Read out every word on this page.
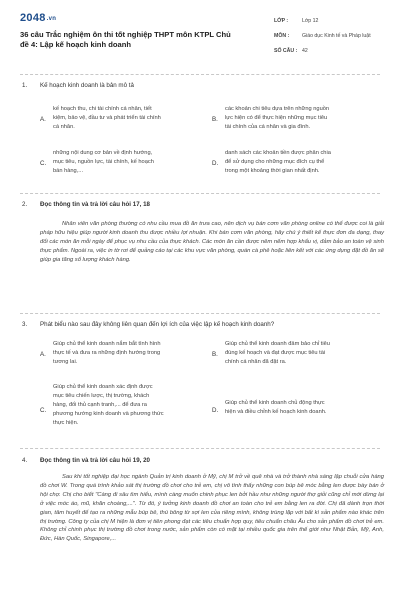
2048.vn
36 câu Trắc nghiệm ôn thi tốt nghiệp THPT môn KTPL Chủ
đề 4: Lập kế hoạch kinh doanh
LỚP :	Lớp 12
MÔN :	Giáo dục Kinh tế và Pháp luật
SỐ CÂU : 42
1. Kế hoạch kinh doanh là bản mô tả
A.
kế hoạch thu, chi tài chính cá nhân, tiết
kiệm, bảo vệ, đầu tư và phát triển tài chính
cá nhân.
B.
các khoản chi tiêu dựa trên những nguồn
lực hiện có để thực hiện những mục tiêu
tài chính của cá nhân và gia đình.
C.
những nội dung cơ bản về định hướng,
mục tiêu, nguồn lực, tài chính, kế hoạch
bán hàng,...
D.
danh sách các khoản tiền được phân chia
để sử dụng cho những mục đích cụ thể
trong một khoảng thời gian nhất định.
2. Đọc thông tin và trả lời câu hỏi 17, 18
Nhân viên văn phòng thường có nhu cầu mua đồ ăn trưa cao, nên dịch vụ bán cơm văn phòng online có thể được coi là giải pháp hữu hiệu giúp người kinh doanh thu được nhiều lợi nhuận. Khi bán cơm văn phòng, hãy chú ý thiết kế thực đơn đa dạng, thay đổi các món ăn mỗi ngày để phục vụ nhu cầu của thực khách. Các món ăn cần được nêm nếm hợp khẩu vị, đảm bảo an toàn vệ sinh thực phẩm. Ngoài ra, việc in tờ rơi để quảng cáo tại các khu vực văn phòng, quán cà phê hoặc liên kết với các ứng dụng đặt đồ ăn sẽ giúp gia tăng số lượng khách hàng.
3. Phát biểu nào sau đây không liên quan đến lợi ích của việc lập kế hoạch kinh doanh?
A.
Giúp chủ thể kinh doanh nắm bắt tình hình
thực tế và đưa ra những định hướng trong
tương lai.
B.
Giúp chủ thể kinh doanh đảm bảo chỉ tiêu
đúng kế hoạch và đạt được mục tiêu tài
chính cá nhân đã đặt ra.
C.
Giúp chủ thể kinh doanh xác định được
mục tiêu chiến lược, thị trường, khách
hàng, đối thủ cạnh tranh,... để đưa ra
phương hướng kinh doanh và phương thức
thực hiện.
D.
Giúp chủ thể kinh doanh chủ động thực
hiện và điều chỉnh kế hoạch kinh doanh.
4. Đọc thông tin và trả lời câu hỏi 19, 20
Sau khi tốt nghiệp đại học ngành Quản trị kinh doanh ở Mỹ, chị M trở về quê nhà và trở thành nhà sáng lập chuỗi cửa hàng đồ chơi W. Trong quá trình khảo sát thị trường đồ chơi cho trẻ em, chị vô tình thấy những con búp bê móc bằng len được bày bán ở hội chợ. Chị cho biết "Càng đi sâu tìm hiểu, mình càng muốn chinh phục len bởi hầu như những người thợ giỏi cũng chỉ mới dừng lại ở việc móc áo, mũ, khăn choàng,...". Từ đó, ý tưởng kinh doanh đồ chơi an toàn cho trẻ em bằng len ra đời. Chị đã dành trọn thời gian, tâm huyết để tạo ra những mẫu búp bê, thú bông từ sợi len của riêng mình, không trùng lặp với bất kì sản phẩm nào khác trên thị trường. Công ty của chị M hiện là đơn vị tiên phong đạt các tiêu chuẩn hợp quy, tiêu chuẩn châu Âu cho sản phẩm đồ chơi trẻ em. Không chỉ chinh phục thị trường đồ chơi trong nước, sản phẩm còn có mặt tại nhiều quốc gia trên thế giới như Nhật Bản, Mỹ, Anh, Đức, Hàn Quốc, Singapore,...
